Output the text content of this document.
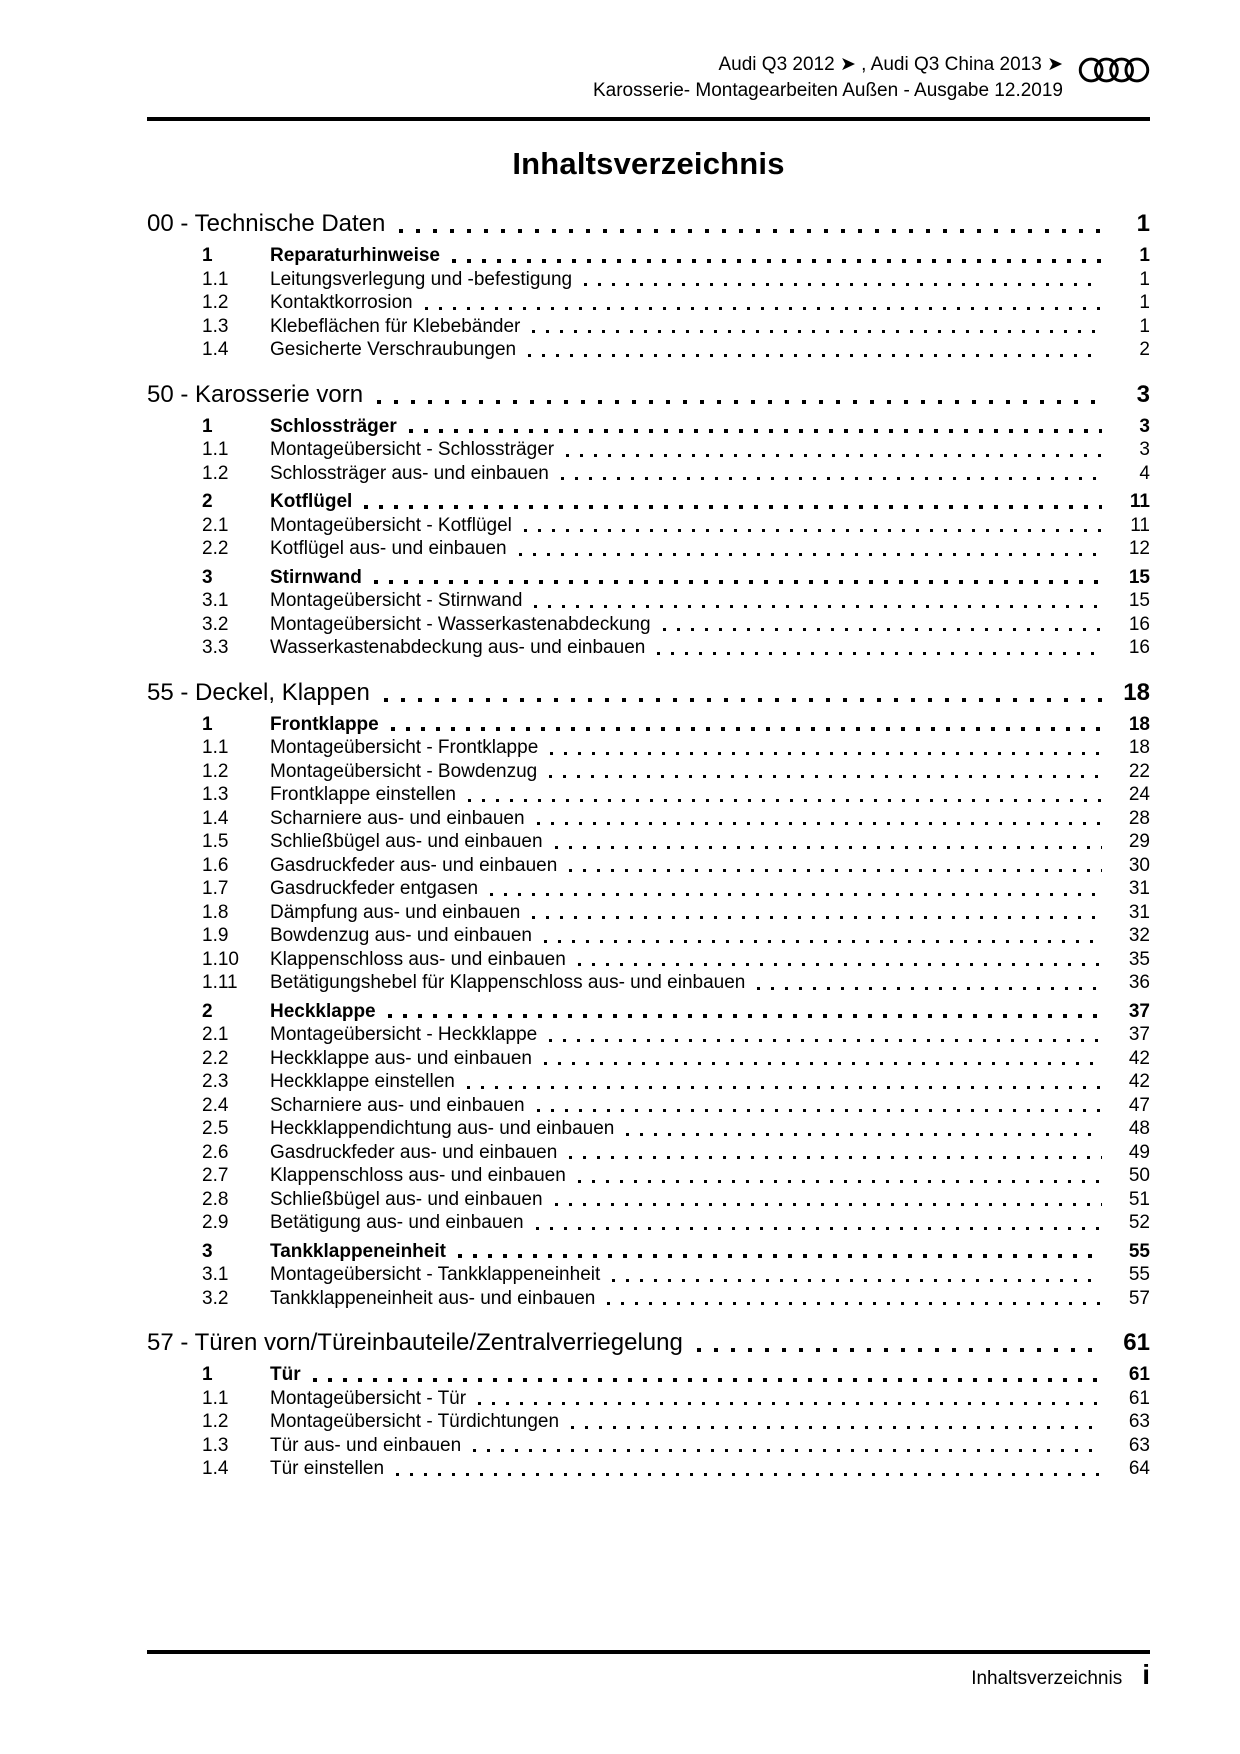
Audi Q3 2012 ➤ , Audi Q3 China 2013 ➤
Karosserie- Montagearbeiten Außen - Ausgabe 12.2019
Inhaltsverzeichnis
00 - Technische Daten	1
1	Reparaturhinweise	1
1.1	Leitungsverlegung und -befestigung	1
1.2	Kontaktkorrosion	1
1.3	Klebeflächen für Klebebänder	1
1.4	Gesicherte Verschraubungen	2
50 - Karosserie vorn	3
1	Schlossträger	3
1.1	Montageübersicht - Schlossträger	3
1.2	Schlossträger aus- und einbauen	4
2	Kotflügel	11
2.1	Montageübersicht - Kotflügel	11
2.2	Kotflügel aus- und einbauen	12
3	Stirnwand	15
3.1	Montageübersicht - Stirnwand	15
3.2	Montageübersicht - Wasserkastenabdeckung	16
3.3	Wasserkastenabdeckung aus- und einbauen	16
55 - Deckel, Klappen	18
1	Frontklappe	18
1.1	Montageübersicht - Frontklappe	18
1.2	Montageübersicht - Bowdenzug	22
1.3	Frontklappe einstellen	24
1.4	Scharniere aus- und einbauen	28
1.5	Schließbügel aus- und einbauen	29
1.6	Gasdruckfeder aus- und einbauen	30
1.7	Gasdruckfeder entgasen	31
1.8	Dämpfung aus- und einbauen	31
1.9	Bowdenzug aus- und einbauen	32
1.10	Klappenschloss aus- und einbauen	35
1.11	Betätigungshebel für Klappenschloss aus- und einbauen	36
2	Heckklappe	37
2.1	Montageübersicht - Heckklappe	37
2.2	Heckklappe aus- und einbauen	42
2.3	Heckklappe einstellen	42
2.4	Scharniere aus- und einbauen	47
2.5	Heckklappendichtung aus- und einbauen	48
2.6	Gasdruckfeder aus- und einbauen	49
2.7	Klappenschloss aus- und einbauen	50
2.8	Schließbügel aus- und einbauen	51
2.9	Betätigung aus- und einbauen	52
3	Tankklappeneinheit	55
3.1	Montageübersicht - Tankklappeneinheit	55
3.2	Tankklappeneinheit aus- und einbauen	57
57 - Türen vorn/Türeinbauteile/Zentralverriegelung	61
1	Tür	61
1.1	Montageübersicht - Tür	61
1.2	Montageübersicht - Türdichtungen	63
1.3	Tür aus- und einbauen	63
1.4	Tür einstellen	64
Inhaltsverzeichnis i
